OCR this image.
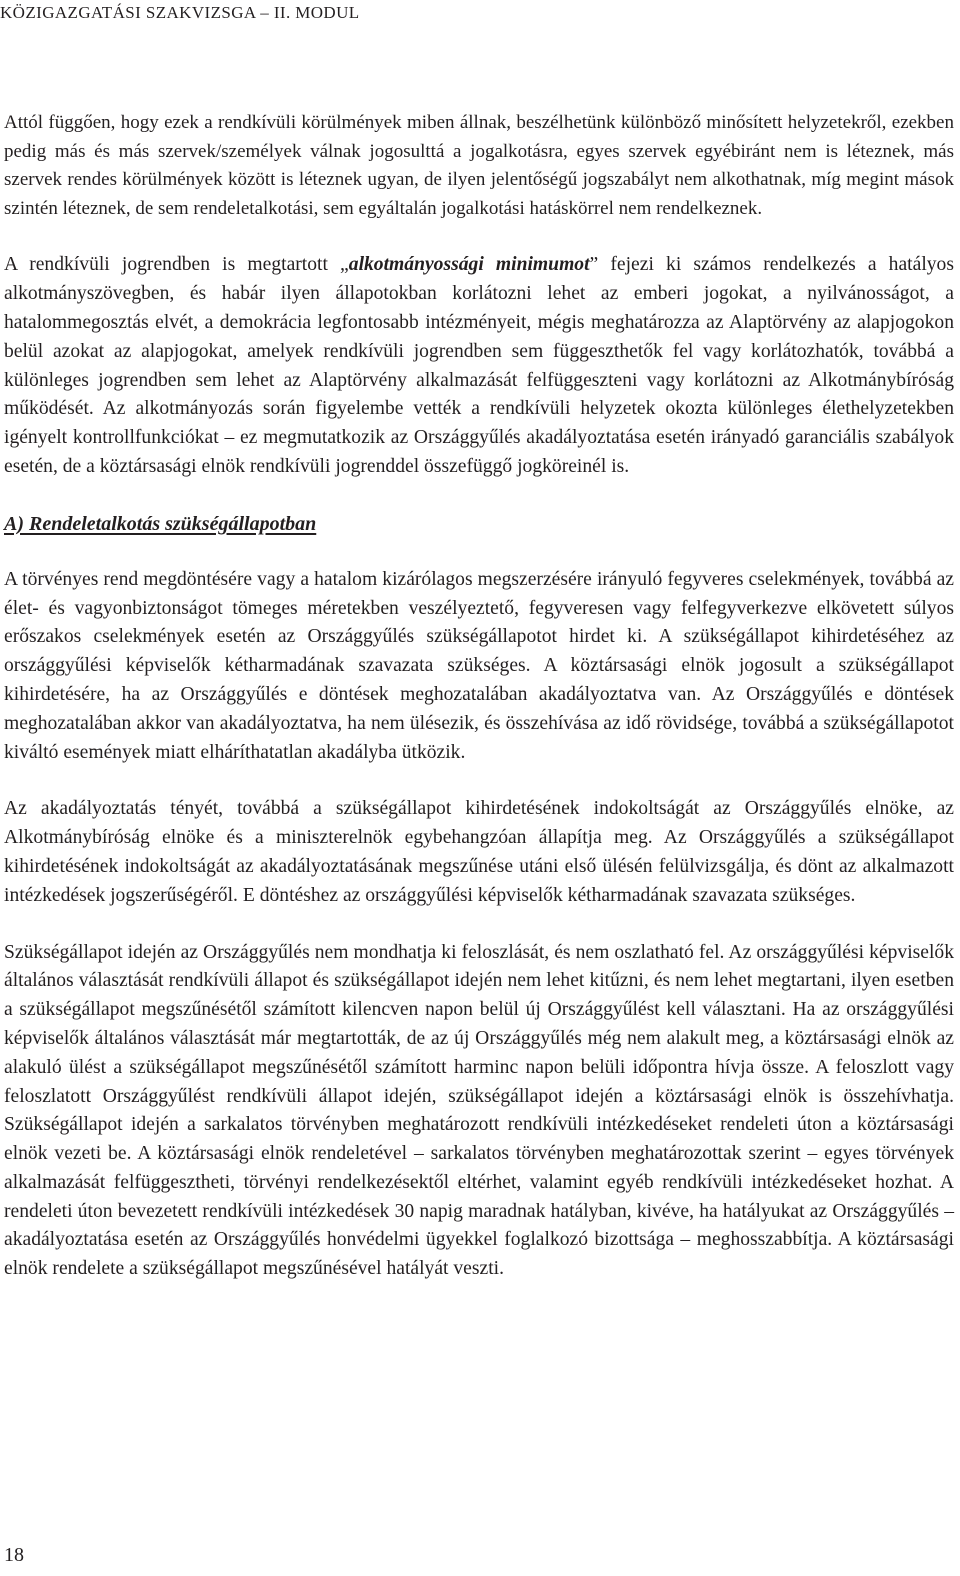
KÖZIGAZGATÁSI SZAKVIZSGA – II. MODUL

Attól függően, hogy ezek a rendkívüli körülmények miben állnak, beszélhetünk különböző minősített helyzetekről, ezekben pedig más és más szervek/személyek válnak jogosulttá a jogalkotásra, egyes szervek egyébiránt nem is léteznek, más szervek rendes körülmények között is léteznek ugyan, de ilyen jelentőségű jogszabályt nem alkothatnak, míg megint mások szintén léteznek, de sem rendeletalkotási, sem egyáltalán jogalkotási hatáskörrel nem rendelkeznek.

A rendkívüli jogrendben is megtartott „alkotmányossági minimumot” fejezi ki számos rendelkezés a hatályos alkotmányszövegben, és habár ilyen állapotokban korlátozni lehet az emberi jogokat, a nyilvánosságot, a hatalommegosztás elvét, a demokrácia legfontosabb intézményeit, mégis meghatározza az Alaptörvény az alapjogokon belül azokat az alapjogokat, amelyek rendkívüli jogrendben sem függeszthetők fel vagy korlátozhatók, továbbá a különleges jogrendben sem lehet az Alaptörvény alkalmazását felfüggeszteni vagy korlátozni az Alkotmánybíróság működését. Az alkotmányozás során figyelembe vették a rendkívüli helyzetek okozta különleges élethelyzetekben igényelt kontrollfunkciókat – ez megmutatkozik az Országgyűlés akadályoztatása esetén irányadó garanciális szabályok esetén, de a köztársasági elnök rendkívüli jogrenddel összefüggő jogköreinél is.

A) Rendeletalkotás szükségállapotban

A törvényes rend megdöntésére vagy a hatalom kizárólagos megszerzésére irányuló fegyveres cselekmények, továbbá az élet- és vagyonbiztonságot tömeges méretekben veszélyeztető, fegyveresen vagy felfegyverkezve elkövetett súlyos erőszakos cselekmények esetén az Országgyűlés szükségállapotot hirdet ki. A szükségállapot kihirdetéséhez az országgyűlési képviselők kétharmadának szavazata szükséges. A köztársasági elnök jogosult a szükségállapot kihirdetésére, ha az Országgyűlés e döntések meghozatalában akadályoztatva van. Az Országgyűlés e döntések meghozatalában akkor van akadályoztatva, ha nem ülésezik, és összehívása az idő rövidsége, továbbá a szükségállapotot kiváltó események miatt elháríthatatlan akadályba ütközik.

Az akadályoztatás tényét, továbbá a szükségállapot kihirdetésének indokoltságát az Országgyűlés elnöke, az Alkotmánybíróság elnöke és a miniszterelnök egybehangzóan állapítja meg. Az Országgyűlés a szükségállapot kihirdetésének indokoltságát az akadályoztatásának megszűnése utáni első ülésén felülvizsgálja, és dönt az alkalmazott intézkedések jogszerűségéről. E döntéshez az országgyűlési képviselők kétharmadának szavazata szükséges.

Szükségállapot idején az Országgyűlés nem mondhatja ki feloszlását, és nem oszlatható fel. Az országgyűlési képviselők általános választását rendkívüli állapot és szükségállapot idején nem lehet kitűzni, és nem lehet megtartani, ilyen esetben a szükségállapot megszűnésétől számított kilencven napon belül új Országgyűlést kell választani. Ha az országgyűlési képviselők általános választását már megtartották, de az új Országgyűlés még nem alakult meg, a köztársasági elnök az alakuló ülést a szükségállapot megszűnésétől számított harminc napon belüli időpontra hívja össze. A feloszlott vagy feloszlatott Országgyűlést rendkívüli állapot idején, szükségállapot idején a köztársasági elnök is összehívhatja. Szükségállapot idején a sarkalatos törvényben meghatározott rendkívüli intézkedéseket rendeleti úton a köztársasági elnök vezeti be. A köztársasági elnök rendeletével – sarkalatos törvényben meghatározottak szerint – egyes törvények alkalmazását felfüggesztheti, törvényi rendelkezésektől eltérhet, valamint egyéb rendkívüli intézkedéseket hozhat. A rendeleti úton bevezetett rendkívüli intézkedések 30 napig maradnak hatályban, kivéve, ha hatályukat az Országgyűlés – akadályoztatása esetén az Országgyűlés honvédelmi ügyekkel foglalkozó bizottsága – meghosszabbítja. A köztársasági elnök rendelete a szükségállapot megszűnésével hatályát veszti.

18
